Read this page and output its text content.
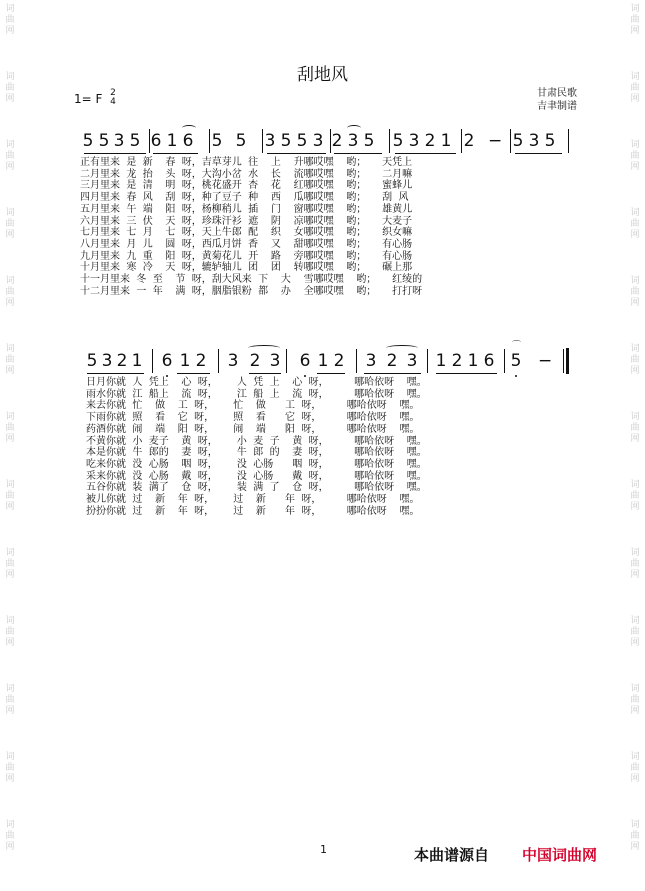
词
曲
网
词
曲
网
词
曲
网
词
曲
网
词
曲
网
词
曲
网
词
曲
网
词
曲
网
词
曲
网
词
曲
网
词
曲
网
词
曲
网
词
曲
网
词
曲
网
词
曲
网
词
曲
网
词
曲
网
词
曲
网
词
曲
网
词
曲
网
词
曲
网
词
曲
网
词
曲
网
词
曲
网
词
曲
网
词
曲
网
刮地风
1= F 2
4
甘肃民歌
吉聿制谱
5 5 3 5 6 1 6 5 5 3 5 5 3 2 3 5 5 3 2 1 2 − 5 3 5
正有里来  是  新    春  呀，吉草芽儿  往    上    升哪哎嘿    哟；     天凭上
二月里来  龙  抬    头  呀，大沟小岔  水    长    流哪哎嘿    哟；     二月嘛
三月里来  是  清    明  呀，桃花盛开  杏    花    红哪哎嘿    哟；     蜜蜂儿
四月里来  春  风    刮  呀，种了豆子  种    西    瓜哪哎嘿    哟；     刮  风
五月里来  午  端    阳  呀，杨柳稍儿  插    门    窗哪哎嘿    哟；     雄黄儿
六月里来  三  伏    天  呀，珍珠汗衫  遮    阴    凉哪哎嘿    哟；     大麦子
七月里来  七  月    七  呀，天上牛郎  配    织    女哪哎嘿    哟；     织女嘛
八月里来  月  儿    圆  呀，西瓜月饼  香    又    甜哪哎嘿    哟；     有心肠
九月里来  九  重    阳  呀，黄菊花儿  开    路    旁哪哎嘿    哟；     有心肠
十月里来  寒  冷    天  呀，辘轳轴儿  团    团    转哪哎嘿    哟；     碾上那
十一月里来  冬  至    节  呀，刮大风来  下    大    雪哪哎嘿    哟；     红绫的
十二月里来  一  年    满  呀，胭脂银粉  都    办    全哪哎嘿    哟；     打打呀
5 3 2 1 6 1 2 3 2 3 6 1 2 3 2 3 1 2 1 6 5 −
⌒
日月你就  人  凭上    心  呀，      人  凭  上    心  呀，        哪哈依呀    嘿。
雨水你就  江  船上    流  呀，      江  船  上    流  呀，        哪哈依呀    嘿。
来去你就  忙    做    工  呀，      忙    做      工  呀，        哪哈依呀    嘿。
下雨你就  照    看    它  呀，      照    看      它  呀，        哪哈依呀    嘿。
药酒你就  闹    端    阳  呀，      闹    端      阳  呀，        哪哈依呀    嘿。
不黄你就  小  麦子    黄  呀，      小  麦  子    黄  呀，        哪哈依呀    嘿。
本是你就  牛  郎的    妻  呀，      牛  郎  的    妻  呀，        哪哈依呀    嘿。
吃来你就  没  心肠    咽  呀，      没  心肠      咽  呀，        哪哈依呀    嘿。
采来你就  没  心肠    戴  呀，      没  心肠      戴  呀，        哪哈依呀    嘿。
五谷你就  装  满了    仓  呀，      装  满  了    仓  呀，        哪哈依呀    嘿。
被儿你就  过    新    年  呀，      过    新      年  呀，        哪哈依呀    嘿。
扮扮你就  过    新    年  呀，      过    新      年  呀，        哪哈依呀    嘿。
1	本曲谱源自 中国词曲网
